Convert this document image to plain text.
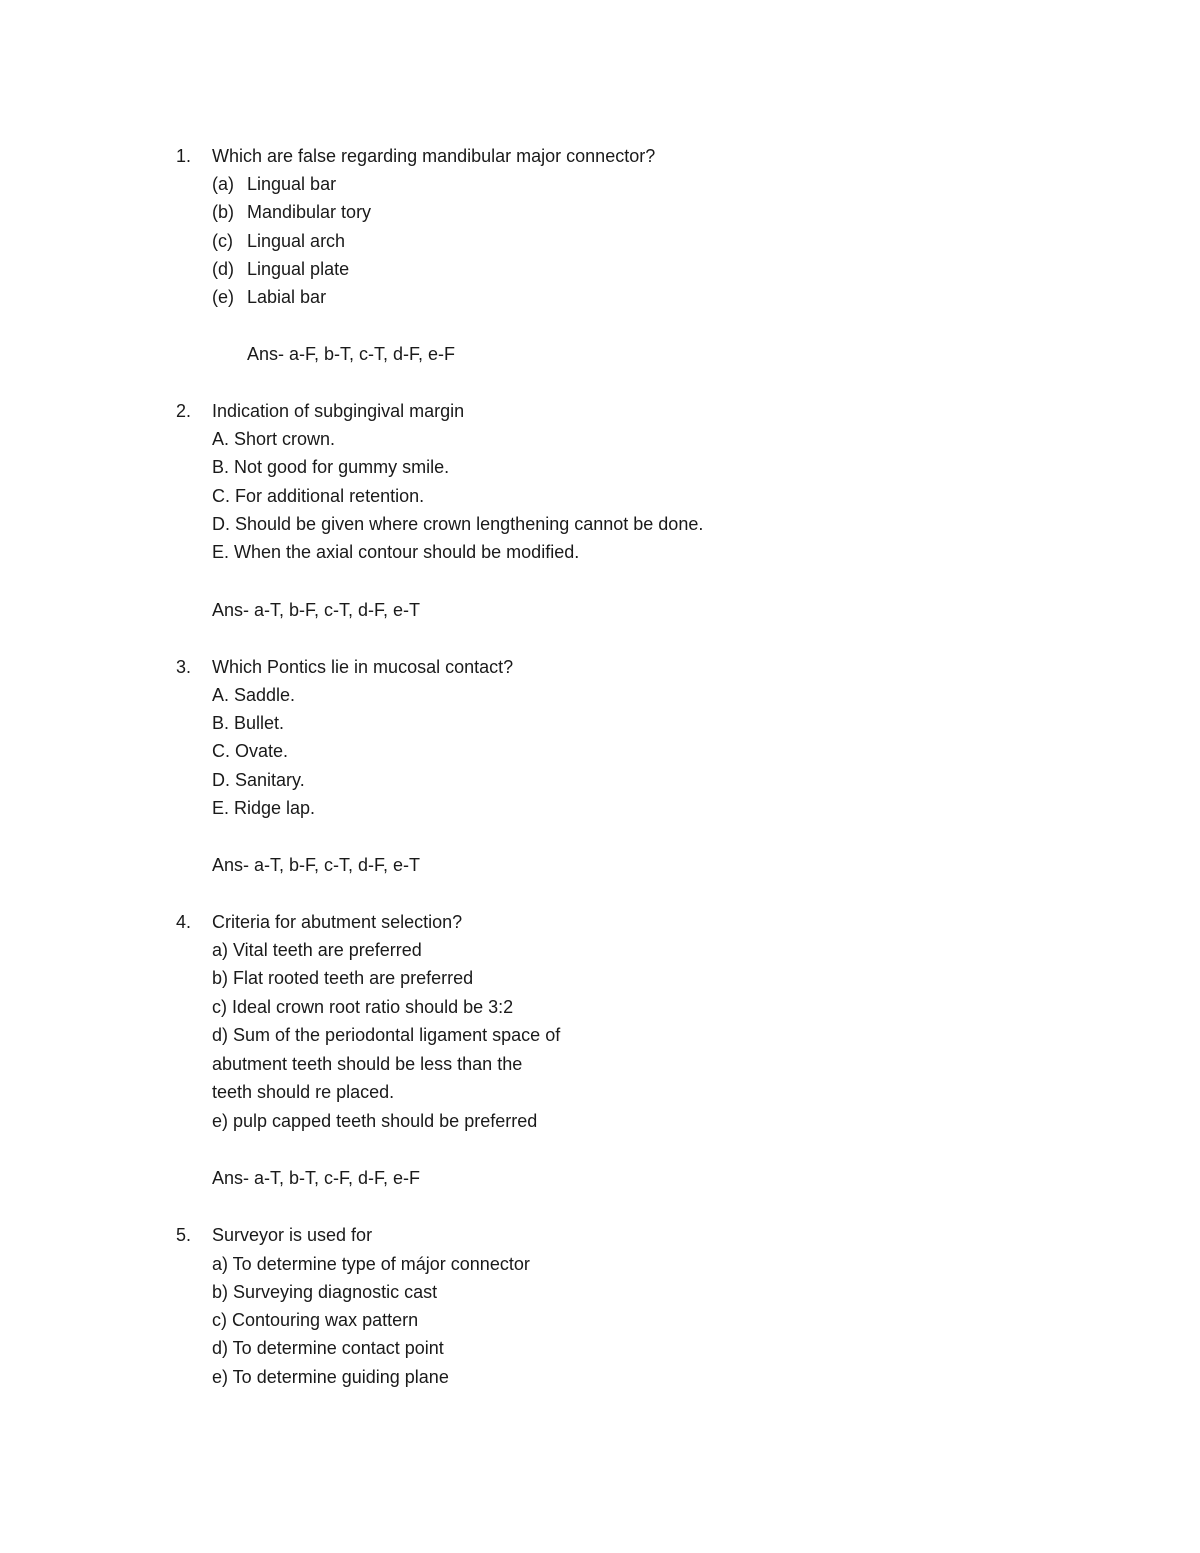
1. Which are false regarding mandibular major connector?
(a) Lingual bar
(b) Mandibular tory
(c) Lingual arch
(d) Lingual plate
(e) Labial bar
Ans- a-F, b-T, c-T, d-F, e-F
2. Indication of subgingival margin
A. Short crown.
B. Not good for gummy smile.
C. For additional retention.
D. Should be given where crown lengthening cannot be done.
E. When the axial contour should be modified.
Ans- a-T, b-F, c-T, d-F, e-T
3. Which Pontics lie in mucosal contact?
A. Saddle.
B. Bullet.
C. Ovate.
D. Sanitary.
E. Ridge lap.
Ans- a-T, b-F, c-T, d-F, e-T
4. Criteria for abutment selection?
a) Vital teeth are preferred
b) Flat rooted teeth are preferred
c) Ideal crown root ratio should be 3:2
d) Sum of the periodontal ligament space of
abutment teeth should be less than the
teeth should re placed.
e) pulp capped teeth should be preferred
Ans- a-T, b-T, c-F, d-F, e-F
5. Surveyor is used for
a) To determine type of májor connector
b) Surveying diagnostic cast
c) Contouring wax pattern
d) To determine contact point
e) To determine guiding plane
